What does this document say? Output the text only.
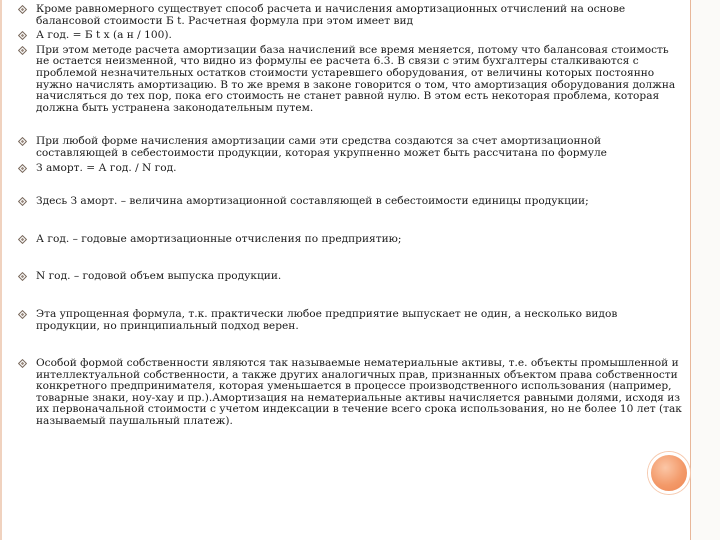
Кроме равномерного существует способ расчета и начисления амортизационных отчислений на основе балансовой стоимости Б t. Расчетная формула при этом имеет вид
А год. = Б t x (а н / 100).
При этом методе расчета амортизации база начислений все время меняется, потому что балансовая стоимость не остается неизменной, что видно из формулы ее расчета 6.3. В связи с этим бухгалтеры сталкиваются с проблемой незначительных остатков стоимости устаревшего оборудования, от величины которых постоянно нужно начислять амортизацию. В то же время в законе говорится о том, что амортизация оборудования должна начисляться до тех пор, пока его стоимость не станет равной нулю. В этом есть некоторая проблема, которая должна быть устранена законодательным путем.
При любой форме начисления амортизации сами эти средства создаются за счет амортизационной составляющей в себестоимости продукции, которая укрупненно может быть рассчитана по формуле
З аморт. = А год. / N год.
Здесь З аморт. – величина амортизационной составляющей в себестоимости единицы продукции;
А год. – годовые амортизационные отчисления по предприятию;
N год. – годовой объем выпуска продукции.
Эта упрощенная формула, т.к. практически любое предприятие выпускает не один, а несколько видов продукции, но принципиальный подход верен.
Особой формой собственности являются так называемые нематериальные активы, т.е. объекты промышленной и интеллектуальной собственности, а также других аналогичных прав, признанных объектом права собственности конкретного предпринимателя, которая уменьшается в процессе производственного использования (например, товарные знаки, ноу-хау и пр.).Амортизация на нематериальные активы начисляется равными долями, исходя из их первоначальной стоимости с учетом индексации в течение всего срока использования, но не более 10 лет (так называемый паушальный платеж).
